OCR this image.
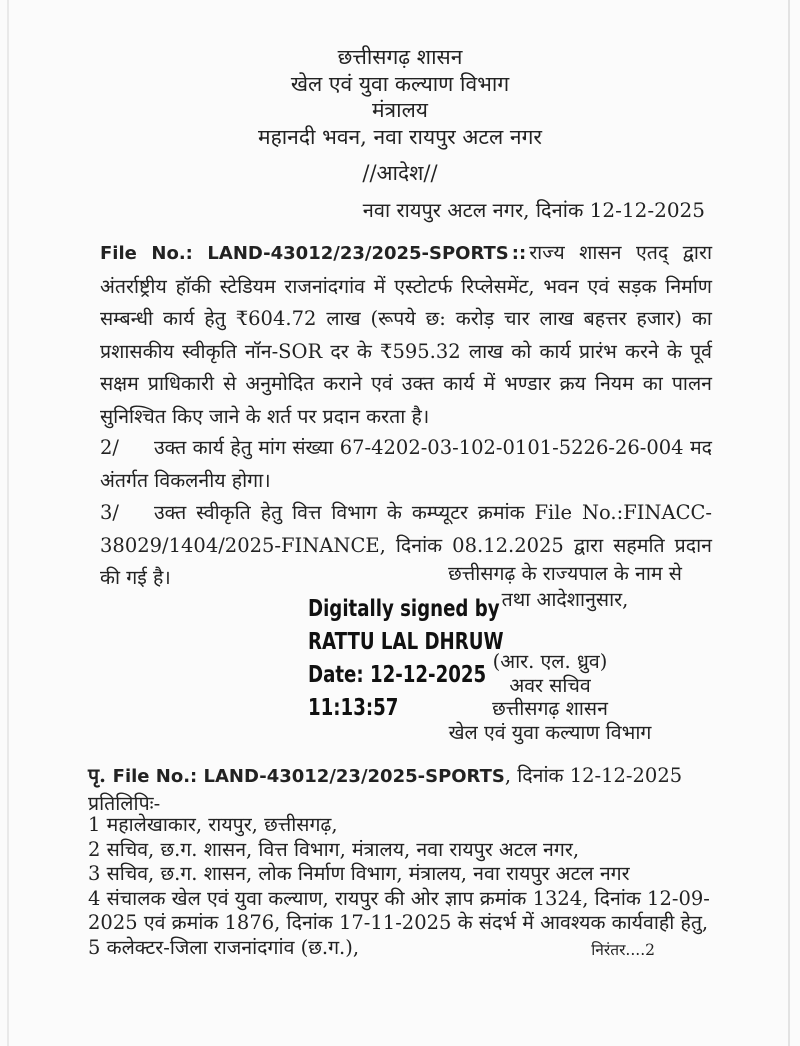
छत्तीसगढ़ शासन
खेल एवं युवा कल्याण विभाग
मंत्रालय
महानदी भवन, नवा रायपुर अटल नगर
//आदेश//
नवा रायपुर अटल नगर, दिनांक 12-12-2025
File No.: LAND-43012/23/2025-SPORTS :: राज्य शासन एतद् द्वारा अंतर्राष्ट्रीय हॉकी स्टेडियम राजनांदगांव में एस्टोटर्फ रिप्लेसमेंट, भवन एवं सड़क निर्माण सम्बन्धी कार्य हेतु ₹604.72 लाख (रूपये छ: करोड़ चार लाख बहत्तर हजार) का प्रशासकीय स्वीकृति नॉन-SOR दर के ₹595.32 लाख को कार्य प्रारंभ करने के पूर्व सक्षम प्राधिकारी से अनुमोदित कराने एवं उक्त कार्य में भण्डार क्रय नियम का पालन सुनिश्चित किए जाने के शर्त पर प्रदान करता है।
2/ उक्त कार्य हेतु मांग संख्या 67-4202-03-102-0101-5226-26-004 मद अंतर्गत विकलनीय होगा।
3/ उक्त स्वीकृति हेतु वित्त विभाग के कम्प्यूटर क्रमांक File No.:FINACC-38029/1404/2025-FINANCE, दिनांक 08.12.2025 द्वारा सहमति प्रदान की गई है।	छत्तीसगढ़ के राज्यपाल के नाम से
तथा आदेशानुसार,
Digitally signed by
RATTU LAL DHRUW
Date: 12-12-2025
11:13:57
(आर. एल. ध्रुव)
अवर सचिव
छत्तीसगढ़ शासन
खेल एवं युवा कल्याण विभाग
पृ. File No.: LAND-43012/23/2025-SPORTS, दिनांक 12-12-2025
प्रतिलिपिः-
1 महालेखाकार, रायपुर, छत्तीसगढ़,
2 सचिव, छ.ग. शासन, वित्त विभाग, मंत्रालय, नवा रायपुर अटल नगर,
3 सचिव, छ.ग. शासन, लोक निर्माण विभाग, मंत्रालय, नवा रायपुर अटल नगर
4 संचालक खेल एवं युवा कल्याण, रायपुर की ओर ज्ञाप क्रमांक 1324, दिनांक 12-09-2025 एवं क्रमांक 1876, दिनांक 17-11-2025 के संदर्भ में आवश्यक कार्यवाही हेतु,
5 कलेक्टर-जिला राजनांदगांव (छ.ग.),	निरंतर....2
